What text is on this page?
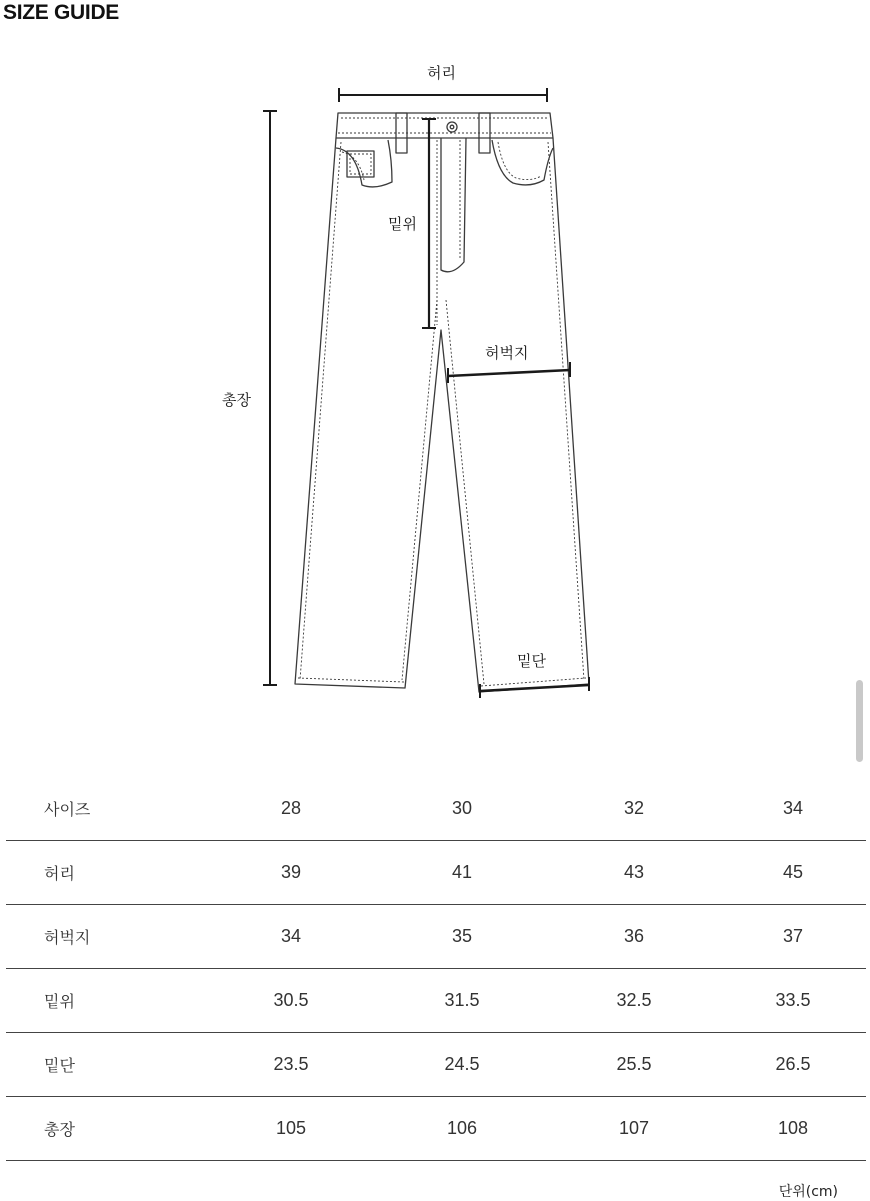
SIZE GUIDE
허리
밑위
허벅지
총장
밑단
사이즈	28	30	32	34
허리	39	41	43	45
허벅지	34	35	36	37
밑위	30.5	31.5	32.5	33.5
밑단	23.5	24.5	25.5	26.5
총장	105	106	107	108
단위(cm)
